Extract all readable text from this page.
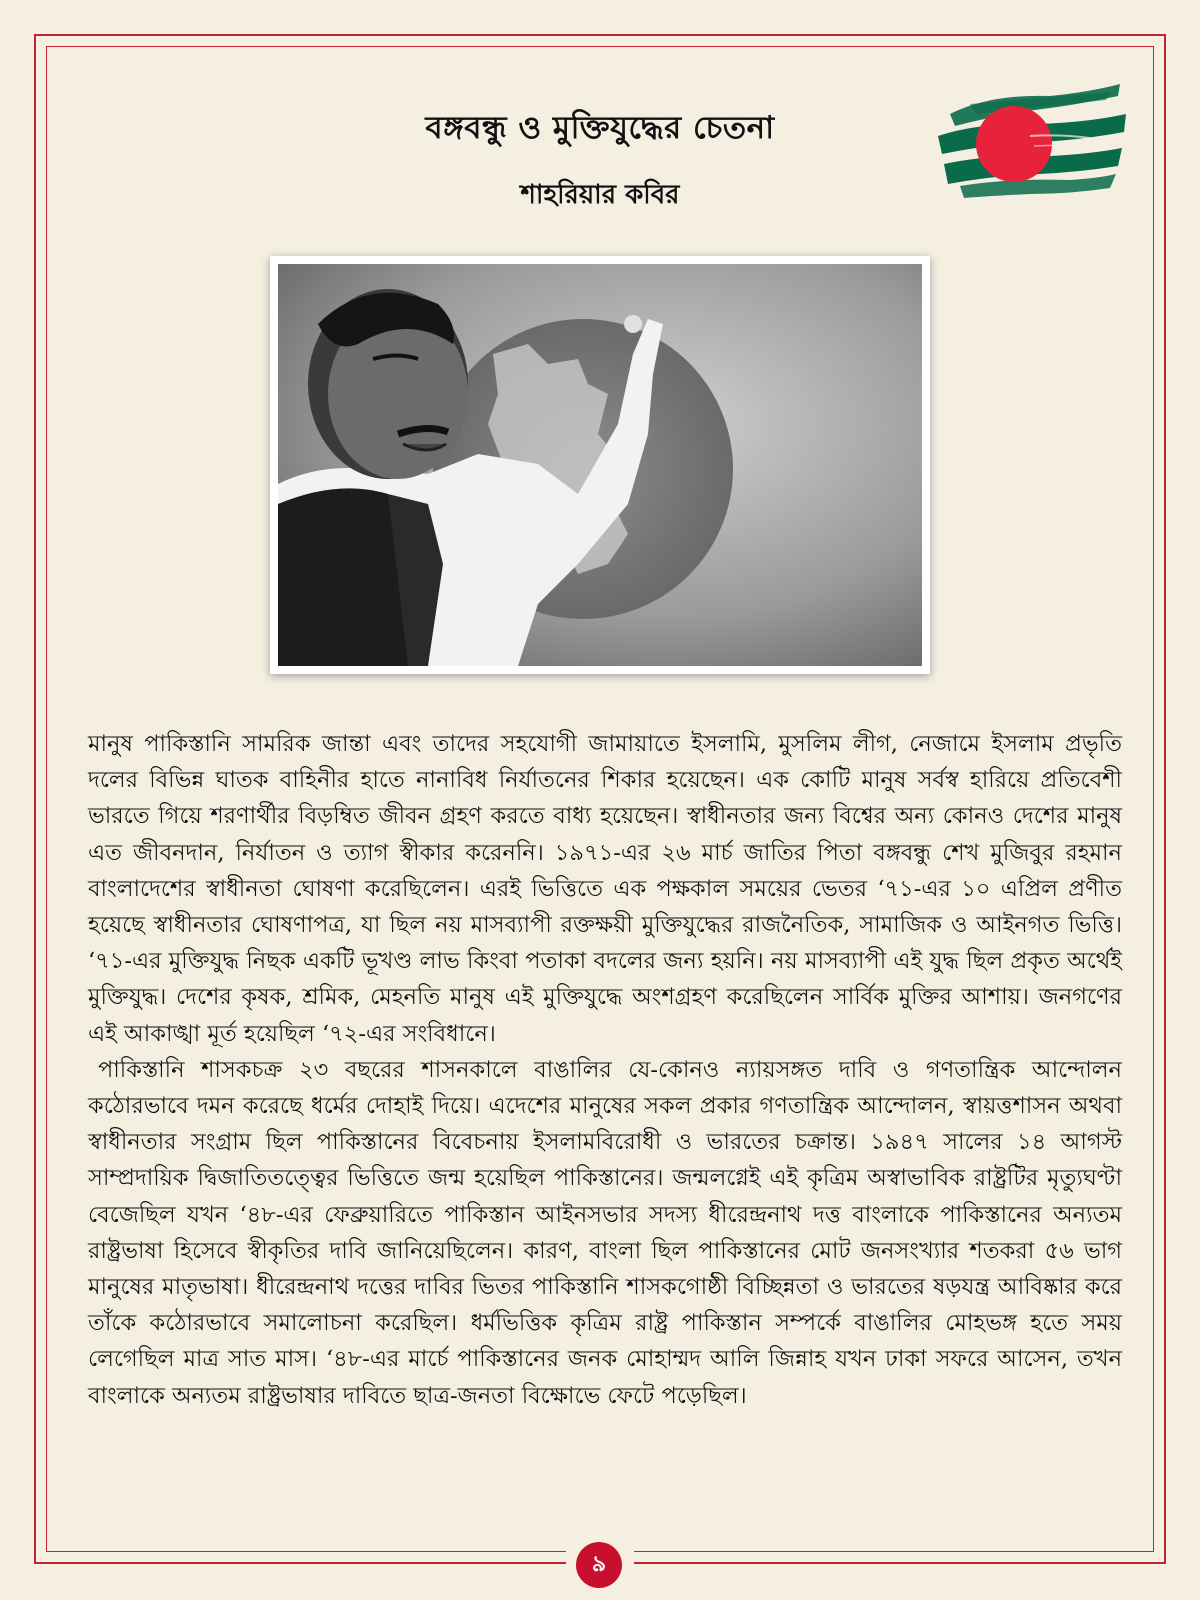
বঙ্গবন্ধু ও মুক্তিযুদ্ধের চেতনা
শাহরিয়ার কবির

মানুষ পাকিস্তানি সামরিক জান্তা এবং তাদের সহযোগী জামায়াতে ইসলামি, মুসলিম লীগ, নেজামে ইসলাম প্রভৃতি দলের বিভিন্ন ঘাতক বাহিনীর হাতে নানাবিধ নির্যাতনের শিকার হয়েছেন। এক কোটি মানুষ সর্বস্ব হারিয়ে প্রতিবেশী ভারতে গিয়ে শরণার্থীর বিড়ম্বিত জীবন গ্রহণ করতে বাধ্য হয়েছেন। স্বাধীনতার জন্য বিশ্বের অন্য কোনও দেশের মানুষ এত জীবনদান, নির্যাতন ও ত্যাগ স্বীকার করেননি। ১৯৭১-এর ২৬ মার্চ জাতির পিতা বঙ্গবন্ধু শেখ মুজিবুর রহমান বাংলাদেশের স্বাধীনতা ঘোষণা করেছিলেন। এরই ভিত্তিতে এক পক্ষকাল সময়ের ভেতর ‘৭১-এর ১০ এপ্রিল প্রণীত হয়েছে স্বাধীনতার ঘোষণাপত্র, যা ছিল নয় মাসব্যাপী রক্তক্ষয়ী মুক্তিযুদ্ধের রাজনৈতিক, সামাজিক ও আইনগত ভিত্তি। ‘৭১-এর মুক্তিযুদ্ধ নিছক একটি ভূখণ্ড লাভ কিংবা পতাকা বদলের জন্য হয়নি। নয় মাসব্যাপী এই যুদ্ধ ছিল প্রকৃত অর্থেই মুক্তিযুদ্ধ। দেশের কৃষক, শ্রমিক, মেহনতি মানুষ এই মুক্তিযুদ্ধে অংশগ্রহণ করেছিলেন সার্বিক মুক্তির আশায়। জনগণের এই আকাঙ্খা মূর্ত হয়েছিল ‘৭২-এর সংবিধানে।

পাকিস্তানি শাসকচক্র ২৩ বছরের শাসনকালে বাঙালির যে-কোনও ন্যায়সঙ্গত দাবি ও গণতান্ত্রিক আন্দোলন কঠোরভাবে দমন করেছে ধর্মের দোহাই দিয়ে। এদেশের মানুষের সকল প্রকার গণতান্ত্রিক আন্দোলন, স্বায়ত্তশাসন অথবা স্বাধীনতার সংগ্রাম ছিল পাকিস্তানের বিবেচনায় ইসলামবিরোধী ও ভারতের চক্রান্ত। ১৯৪৭ সালের ১৪ আগস্ট সাম্প্রদায়িক দ্বিজাতিতত্ত্বের ভিত্তিতে জন্ম হয়েছিল পাকিস্তানের। জন্মলগ্নেই এই কৃত্রিম অস্বাভাবিক রাষ্ট্রটির মৃত্যুঘণ্টা বেজেছিল যখন ‘৪৮-এর ফেব্রুয়ারিতে পাকিস্তান আইনসভার সদস্য ধীরেন্দ্রনাথ দত্ত বাংলাকে পাকিস্তানের অন্যতম রাষ্ট্রভাষা হিসেবে স্বীকৃতির দাবি জানিয়েছিলেন। কারণ, বাংলা ছিল পাকিস্তানের মোট জনসংখ্যার শতকরা ৫৬ ভাগ মানুষের মাতৃভাষা। ধীরেন্দ্রনাথ দত্তের দাবির ভিতর পাকিস্তানি শাসকগোষ্ঠী বিচ্ছিন্নতা ও ভারতের ষড়যন্ত্র আবিষ্কার করে তাঁকে কঠোরভাবে সমালোচনা করেছিল। ধর্মভিত্তিক কৃত্রিম রাষ্ট্র পাকিস্তান সম্পর্কে বাঙালির মোহভঙ্গ হতে সময় লেগেছিল মাত্র সাত মাস। ‘৪৮-এর মার্চে পাকিস্তানের জনক মোহাম্মদ আলি জিন্নাহ যখন ঢাকা সফরে আসেন, তখন বাংলাকে অন্যতম রাষ্ট্রভাষার দাবিতে ছাত্র-জনতা বিক্ষোভে ফেটে পড়েছিল।

৯
